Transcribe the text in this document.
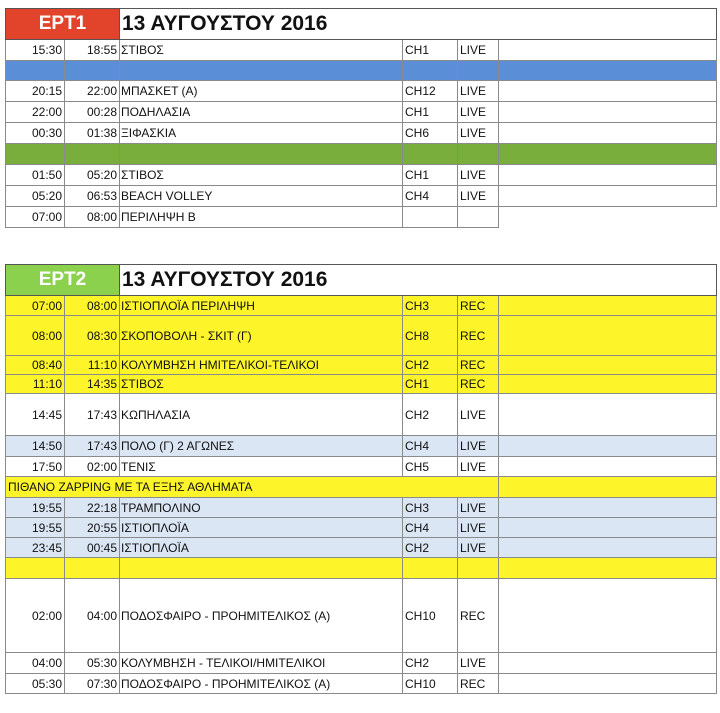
ΕΡΤ1		13 ΑΥΓΟΥΣΤΟΥ 2016			
15:30	18:55	ΣΤΙΒΟΣ	CH1	LIVE	

20:15	22:00	ΜΠΑΣΚΕΤ (Α)	CH12	LIVE	
22:00	00:28	ΠΟΔΗΛΑΣΙΑ	CH1	LIVE	
00:30	01:38	ΞΙΦΑΣΚΙΑ	CH6	LIVE	

01:50	05:20	ΣΤΙΒΟΣ	CH1	LIVE	
05:20	06:53	BEACH VOLLEY	CH4	LIVE	
07:00	08:00	ΠΕΡΙΛΗΨΗ Β			
ΕΡΤ2		13 ΑΥΓΟΥΣΤΟΥ 2016			
07:00	08:00	ΙΣΤΙΟΠΛΟΪΑ ΠΕΡΙΛΗΨΗ	CH3	REC	
08:00	08:30	ΣΚΟΠΟΒΟΛΗ - ΣΚΙΤ (Γ)	CH8	REC	
08:40	11:10	ΚΟΛΥΜΒΗΣΗ ΗΜΙΤΕΛΙΚΟΙ-ΤΕΛΙΚΟΙ	CH2	REC	
11:10	14:35	ΣΤΙΒΟΣ	CH1	REC	
14:45	17:43	ΚΩΠΗΛΑΣΙΑ	CH2	LIVE	
14:50	17:43	ΠΟΛΟ (Γ) 2 ΑΓΩΝΕΣ	CH4	LIVE	
17:50	02:00	ΤΕΝΙΣ	CH5	LIVE	
ΠΙΘΑΝΟ ZAPPING ΜΕ ΤΑ ΕΞΗΣ ΑΘΛΗΜΑΤΑ					
19:55	22:18	ΤΡΑΜΠΟΛΙΝΟ	CH3	LIVE	
19:55	20:55	ΙΣΤΙΟΠΛΟΪΑ	CH4	LIVE	
23:45	00:45	ΙΣΤΙΟΠΛΟΪΑ	CH2	LIVE	

02:00	04:00	ΠΟΔΟΣΦΑΙΡΟ - ΠΡΟΗΜΙΤΕΛΙΚΟΣ (Α)	CH10	REC	
04:00	05:30	ΚΟΛΥΜΒΗΣΗ - ΤΕΛΙΚΟΙ/ΗΜΙΤΕΛΙΚΟΙ	CH2	LIVE	
05:30	07:30	ΠΟΔΟΣΦΑΙΡΟ - ΠΡΟΗΜΙΤΕΛΙΚΟΣ (Α)	CH10	REC	
